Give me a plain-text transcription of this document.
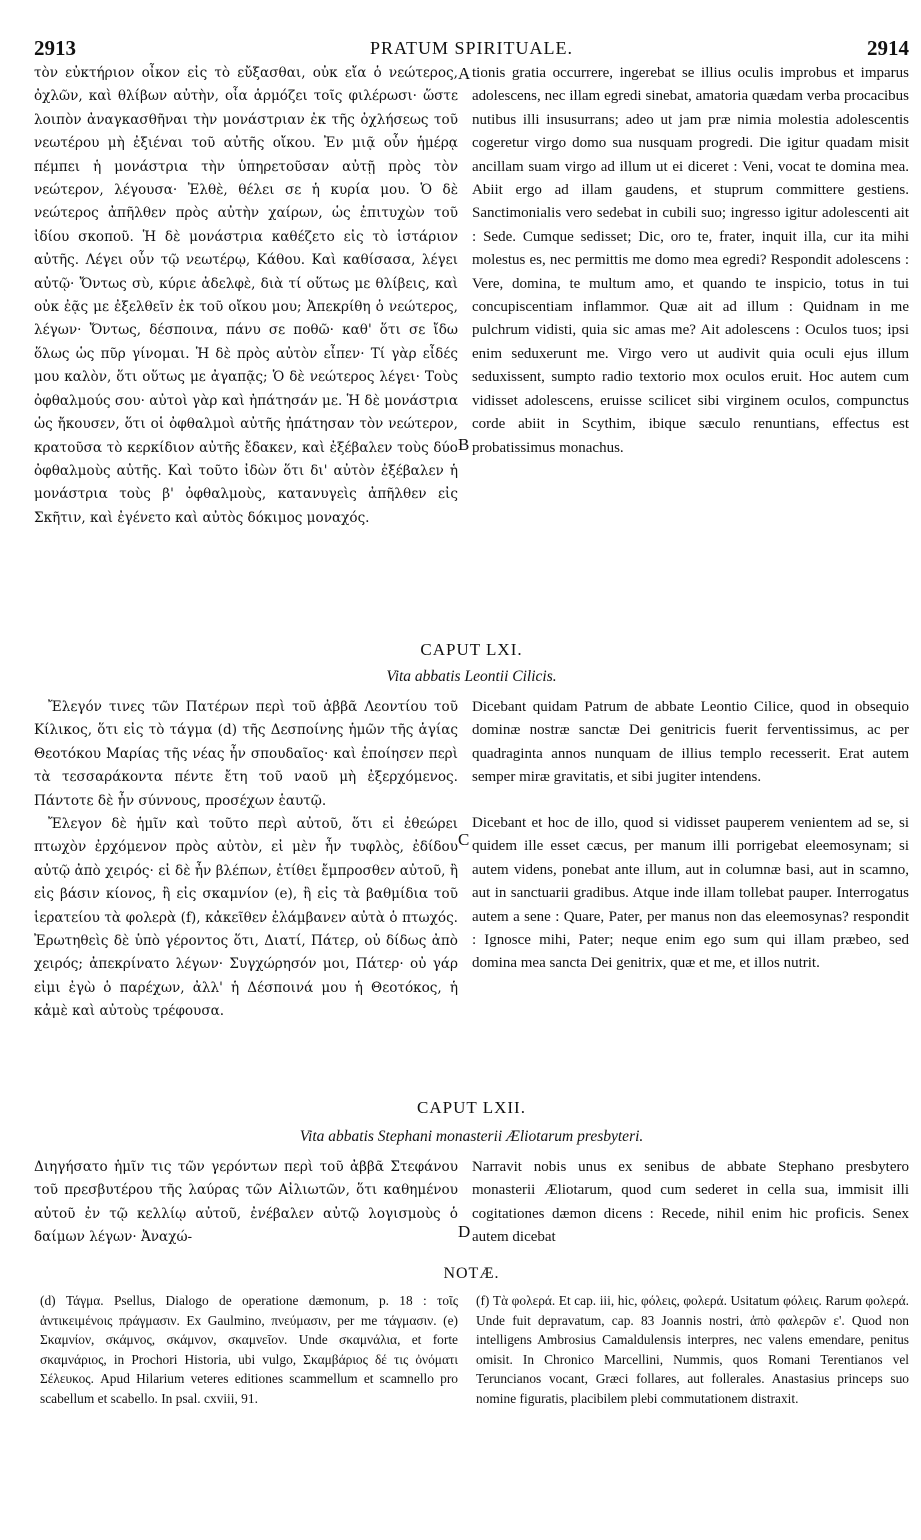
2913	PRATUM SPIRITUALE.	2914

τὸν εὐκτήριον οἶκον εἰς τὸ εὔξασθαι, οὐκ εἴα ὁ νεώτερος, ὀχλῶν, καὶ θλίβων αὐτὴν, οἷα ἁρμόζει τοῖς φιλέρωσι· ὥστε λοιπὸν ἀναγκασθῆναι τὴν μονάστριαν ἐκ τῆς ὀχλήσεως τοῦ νεωτέρου μὴ ἐξιέναι τοῦ αὐτῆς οἴκου. Ἐν μιᾷ οὖν ἡμέρᾳ πέμπει ἡ μονάστρια τὴν ὑπηρετοῦσαν αὐτῇ πρὸς τὸν νεώτερον, λέγουσα· Ἐλθὲ, θέλει σε ἡ κυρία μου. Ὁ δὲ νεώτερος ἀπῆλθεν πρὸς αὐτὴν χαίρων, ὡς ἐπιτυχὼν τοῦ ἰδίου σκοποῦ. Ἡ δὲ μονάστρια καθέζετο εἰς τὸ ἱστάριον αὐτῆς. Λέγει οὖν τῷ νεωτέρῳ, Κάθου. Καὶ καθίσασα, λέγει αὐτῷ· Ὄντως σὺ, κύριε ἀδελφὲ, διὰ τί οὕτως με θλίβεις, καὶ οὐκ ἐᾷς με ἐξελθεῖν ἐκ τοῦ οἴκου μου; Ἀπεκρίθη ὁ νεώτερος, λέγων· Ὄντως, δέσποινα, πάνυ σε ποθῶ· καθ' ὅτι σε ἴδω ὅλως ὡς πῦρ γίνομαι. Ἡ δὲ πρὸς αὐτὸν εἶπεν· Τί γὰρ εἶδές μου καλὸν, ὅτι οὕτως με ἀγαπᾷς; Ὁ δὲ νεώτερος λέγει· Τοὺς ὀφθαλμούς σου· αὐτοὶ γὰρ καὶ ἠπάτησάν με. Ἡ δὲ μονάστρια ὡς ἤκουσεν, ὅτι οἱ ὀφθαλμοὶ αὐτῆς ἠπάτησαν τὸν νεώτερον, κρατοῦσα τὸ κερκίδιον αὐτῆς ἔδακεν, καὶ ἐξέβαλεν τοὺς δύο ὀφθαλμοὺς αὐτῆς. Καὶ τοῦτο ἰδὼν ὅτι δι' αὐτὸν ἐξέβαλεν ἡ μονάστρια τοὺς β' ὀφθαλμοὺς, κατανυγεὶς ἀπῆλθεν εἰς Σκῆτιν, καὶ ἐγένετο καὶ αὐτὸς δόκιμος μοναχός.

tionis gratia occurrere, ingerebat se illius oculis improbus et imparus adolescens, nec illam egredi sinebat, amatoria quædam verba procacibus nutibus illi insusurrans; adeo ut jam præ nimia molestia adolescentis cogeretur virgo domo sua nusquam progredi. Die igitur quadam misit ancillam suam virgo ad illum ut ei diceret : Veni, vocat te domina mea. Abiit ergo ad illam gaudens, et stuprum committere gestiens. Sanctimonialis vero sedebat in cubili suo; ingresso igitur adolescenti ait : Sede. Cumque sedisset; Dic, oro te, frater, inquit illa, cur ita mihi molestus es, nec permittis me domo mea egredi? Respondit adolescens : Vere, domina, te multum amo, et quando te inspicio, totus in tui concupiscentiam inflammor. Quæ ait ad illum : Quidnam in me pulchrum vidisti, quia sic amas me? Ait adolescens : Oculos tuos; ipsi enim seduxerunt me. Virgo vero ut audivit quia oculi ejus illum seduxissent, sumpto radio textorio mox oculos eruit. Hoc autem cum vidisset adolescens, eruisse scilicet sibi virginem oculos, compunctus corde abiit in Scythim, ibique sæculo renuntians, effectus est probatissimus monachus.

A
B
CAPUT LXI.
Vita abbatis Leontii Cilicis.

Ἔλεγόν τινες τῶν Πατέρων περὶ τοῦ ἀββᾶ Λεοντίου τοῦ Κίλικος, ὅτι εἰς τὸ τάγμα (d) τῆς Δεσποίνης ἡμῶν τῆς ἁγίας Θεοτόκου Μαρίας τῆς νέας ἦν σπουδαῖος· καὶ ἐποίησεν περὶ τὰ τεσσαράκοντα πέντε ἔτη τοῦ ναοῦ μὴ ἐξερχόμενος. Πάντοτε δὲ ἦν σύννους, προσέχων ἑαυτῷ.

Ἔλεγον δὲ ἡμῖν καὶ τοῦτο περὶ αὐτοῦ, ὅτι εἰ ἐθεώρει πτωχὸν ἐρχόμενον πρὸς αὐτὸν, εἰ μὲν ἦν τυφλὸς, ἐδίδου αὐτῷ ἀπὸ χειρός· εἰ δὲ ἦν βλέπων, ἐτίθει ἔμπροσθεν αὐτοῦ, ἢ εἰς βάσιν κίονος, ἢ εἰς σκαμνίον (e), ἢ εἰς τὰ βαθμίδια τοῦ ἱερατείου τὰ φολερὰ (f), κἀκεῖθεν ἐλάμβανεν αὐτὰ ὁ πτωχός. Ἐρωτηθεὶς δὲ ὑπὸ γέροντος ὅτι, Διατί, Πάτερ, οὐ δίδως ἀπὸ χειρός; ἀπεκρίνατο λέγων· Συγχώρησόν μοι, Πάτερ· οὐ γάρ εἰμι ἐγὼ ὁ παρέχων, ἀλλ' ἡ Δέσποινά μου ἡ Θεοτόκος, ἡ κἀμὲ καὶ αὐτοὺς τρέφουσα.

Dicebant quidam Patrum de abbate Leontio Cilice, quod in obsequio dominæ nostræ sanctæ Dei genitricis fuerit ferventissimus, ac per quadraginta annos nunquam de illius templo recesserit. Erat autem semper miræ gravitatis, et sibi jugiter intendens.

Dicebant et hoc de illo, quod si vidisset pauperem venientem ad se, si quidem ille esset cæcus, per manum illi porrigebat eleemosynam; si autem videns, ponebat ante illum, aut in columnæ basi, aut in scamno, aut in sanctuarii gradibus. Atque inde illam tollebat pauper. Interrogatus autem a sene : Quare, Pater, per manus non das eleemosynas? respondit : Ignosce mihi, Pater; neque enim ego sum qui illam præbeo, sed domina mea sancta Dei genitrix, quæ et me, et illos nutrit.

C
CAPUT LXII.
Vita abbatis Stephani monasterii Æliotarum presbyteri.

Διηγήσατο ἡμῖν τις τῶν γερόντων περὶ τοῦ ἀββᾶ Στεφάνου τοῦ πρεσβυτέρου τῆς λαύρας τῶν Αἰλιωτῶν, ὅτι καθημένου αὐτοῦ ἐν τῷ κελλίῳ αὐτοῦ, ἐνέβαλεν αὐτῷ λογισμοὺς ὁ δαίμων λέγων· Ἀναχώ-

Narravit nobis unus ex senibus de abbate Stephano presbytero monasterii Æliotarum, quod cum sederet in cella sua, immisit illi cogitationes dæmon dicens : Recede, nihil enim hic proficis. Senex autem dicebat

D
NOTÆ.

(d) Τάγμα. Psellus, Dialogo de operatione dæmonum, p. 18 : τοῖς ἀντικειμένοις πράγμασιν. Ex Gaulmino, πνεύμασιν, per me τάγμασιν. (e) Σκαμνίον, σκάμνος, σκάμνον, σκαμνεῖον. Unde σκαμνάλια, et forte σκαμνάριος, in Prochori Historia, ubi vulgo, Σκαμβάριος δέ τις ὀνόματι Σέλευκος. Apud Hilarium veteres editiones scammellum et scamnello pro scabellum et scabello. In psal. cxviii, 91.

(f) Τὰ φολερά. Et cap. iii, hic, φόλεις, φολερά. Usitatum φόλεις. Rarum φολερά. Unde fuit depravatum, cap. 83 Joannis nostri, ἀπὸ φαλερῶν ε'. Quod non intelligens Ambrosius Camaldulensis interpres, nec valens emendare, penitus omisit. In Chronico Marcellini, Nummis, quos Romani Terentianos vel Teruncianos vocant, Græci follares, aut follerales. Anastasius princeps suo nomine figuratis, placibilem plebi commutationem distraxit.
